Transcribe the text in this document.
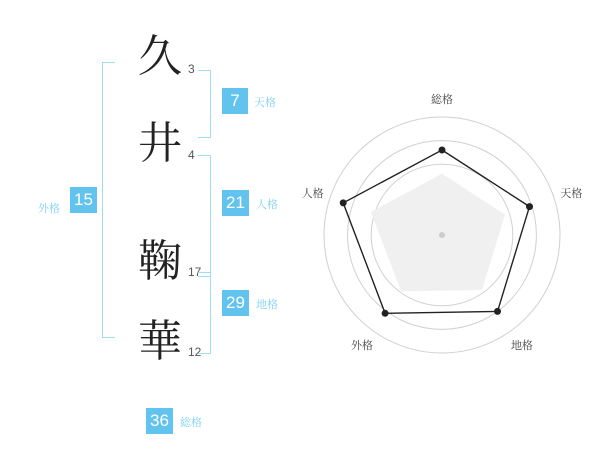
久 3
井 4
鞠 17
華 12
7	天格
21	人格
29	地格
外格 15
36	総格
総格
天格
地格
外格
人格
